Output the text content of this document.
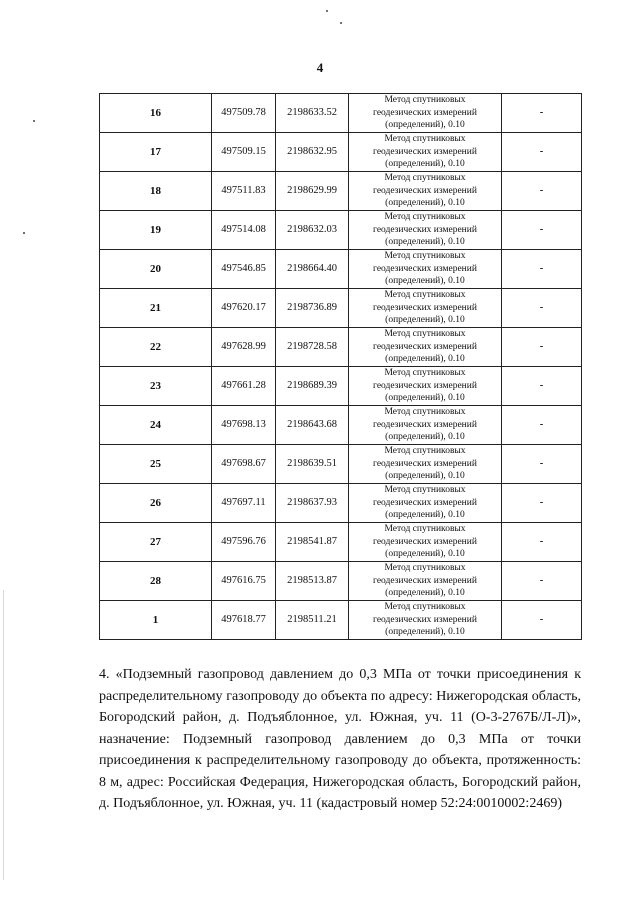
4
16	497509.78	2198633.52	Метод спутниковых
геодезических измерений
(определений), 0.10	-
17	497509.15	2198632.95	Метод спутниковых
геодезических измерений
(определений), 0.10	-
18	497511.83	2198629.99	Метод спутниковых
геодезических измерений
(определений), 0.10	-
19	497514.08	2198632.03	Метод спутниковых
геодезических измерений
(определений), 0.10	-
20	497546.85	2198664.40	Метод спутниковых
геодезических измерений
(определений), 0.10	-
21	497620.17	2198736.89	Метод спутниковых
геодезических измерений
(определений), 0.10	-
22	497628.99	2198728.58	Метод спутниковых
геодезических измерений
(определений), 0.10	-
23	497661.28	2198689.39	Метод спутниковых
геодезических измерений
(определений), 0.10	-
24	497698.13	2198643.68	Метод спутниковых
геодезических измерений
(определений), 0.10	-
25	497698.67	2198639.51	Метод спутниковых
геодезических измерений
(определений), 0.10	-
26	497697.11	2198637.93	Метод спутниковых
геодезических измерений
(определений), 0.10	-
27	497596.76	2198541.87	Метод спутниковых
геодезических измерений
(определений), 0.10	-
28	497616.75	2198513.87	Метод спутниковых
геодезических измерений
(определений), 0.10	-
1	497618.77	2198511.21	Метод спутниковых
геодезических измерений
(определений), 0.10	-
4. «Подземный газопровод давлением до 0,3 МПа от точки присоединения к распределительному газопроводу до объекта по адресу: Нижегородская область, Богородский район, д. Подъяблонное, ул. Южная, уч. 11 (О-3-2767Б/Л-Л)», назначение: Подземный газопровод давлением до 0,3 МПа от точки присоединения к распределительному газопроводу до объекта, протяженность: 8 м, адрес: Российская Федерация, Нижегородская область, Богородский район, д. Подъяблонное, ул. Южная, уч. 11 (кадастровый номер 52:24:0010002:2469)
